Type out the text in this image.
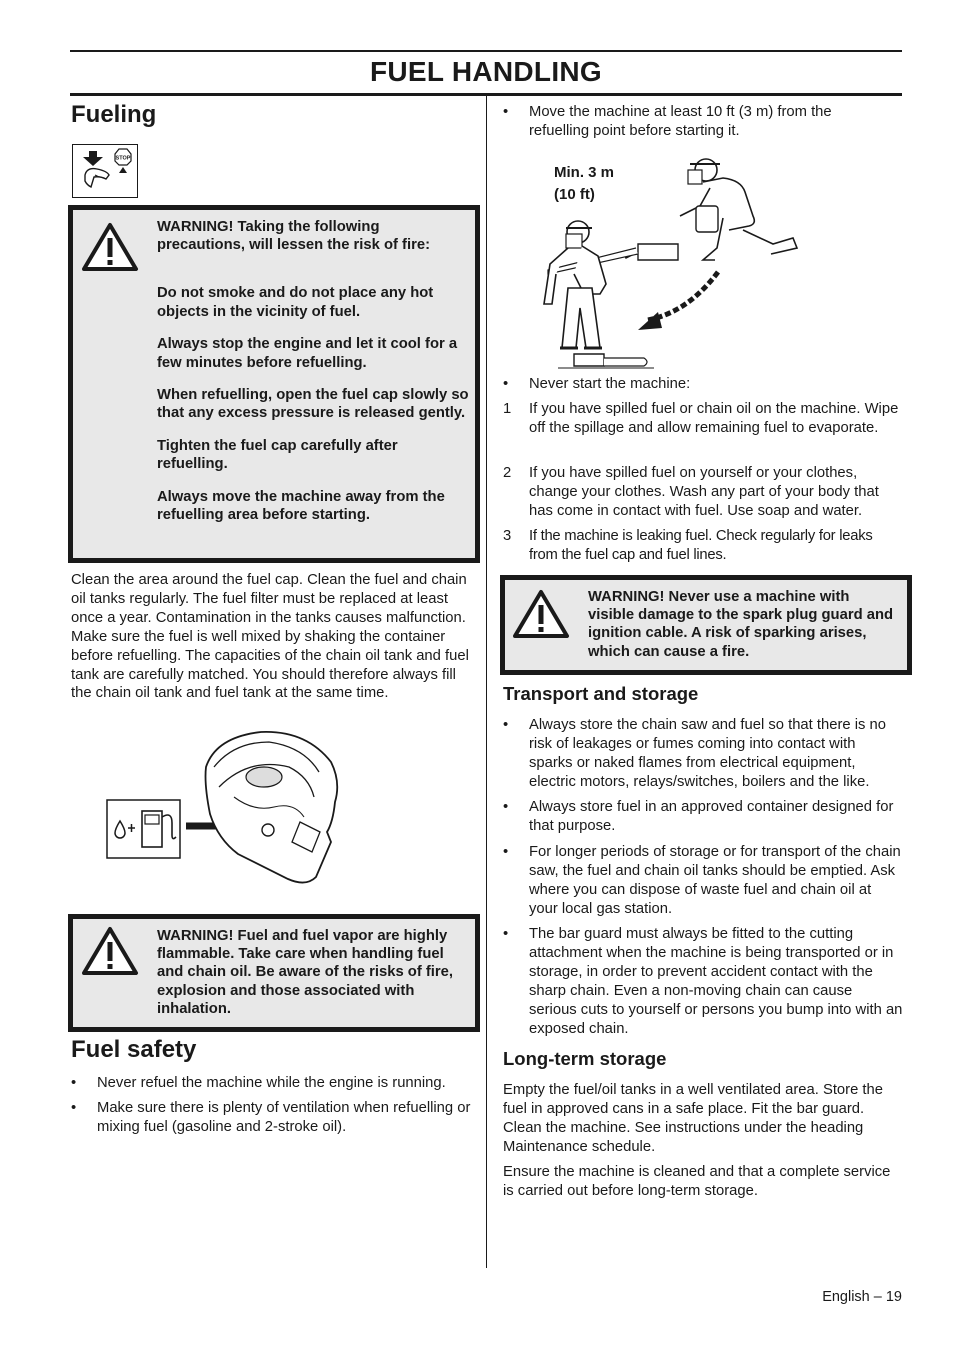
FUEL HANDLING
Fueling
STOP
WARNING! Taking the following precautions, will lessen the risk of fire:
Do not smoke and do not place any hot objects in the vicinity of fuel.
Always stop the engine and let it cool for a few minutes before refuelling.
When refuelling, open the fuel cap slowly so that any excess pressure is released gently.
Tighten the fuel cap carefully after refuelling.
Always move the machine away from the refuelling area before starting.
Clean the area around the fuel cap. Clean the fuel and chain oil tanks regularly. The fuel filter must be replaced at least once a year. Contamination in the tanks causes malfunction. Make sure the fuel is well mixed by shaking the container before refuelling. The capacities of the chain oil tank and fuel tank are carefully matched. You should therefore always fill the chain oil tank and fuel tank at the same time.
WARNING! Fuel and fuel vapor are highly flammable. Take care when handling fuel and chain oil. Be aware of the risks of fire, explosion and those associated with inhalation.
Fuel safety
• Never refuel the machine while the engine is running.
• Make sure there is plenty of ventilation when refuelling or mixing fuel (gasoline and 2-stroke oil).
• Move the machine at least 10 ft (3 m) from the refuelling point before starting it.
Min. 3 m
(10 ft)
• Never start the machine:
1 If you have spilled fuel or chain oil on the machine. Wipe off the spillage and allow remaining fuel to evaporate.
2 If you have spilled fuel on yourself or your clothes, change your clothes. Wash any part of your body that has come in contact with fuel. Use soap and water.
3 If the machine is leaking fuel. Check regularly for leaks from the fuel cap and fuel lines.
WARNING! Never use a machine with visible damage to the spark plug guard and ignition cable. A risk of sparking arises, which can cause a fire.
Transport and storage
• Always store the chain saw and fuel so that there is no risk of leakages or fumes coming into contact with sparks or naked flames from electrical equipment, electric motors, relays/switches, boilers and the like.
• Always store fuel in an approved container designed for that purpose.
• For longer periods of storage or for transport of the chain saw, the fuel and chain oil tanks should be emptied. Ask where you can dispose of waste fuel and chain oil at your local gas station.
• The bar guard must always be fitted to the cutting attachment when the machine is being transported or in storage, in order to prevent accident contact with the sharp chain. Even a non-moving chain can cause serious cuts to yourself or persons you bump into with an exposed chain.
Long-term storage
Empty the fuel/oil tanks in a well ventilated area. Store the fuel in approved cans in a safe place. Fit the bar guard. Clean the machine. See instructions under the heading Maintenance schedule.
Ensure the machine is cleaned and that a complete service is carried out before long-term storage.
English – 19
